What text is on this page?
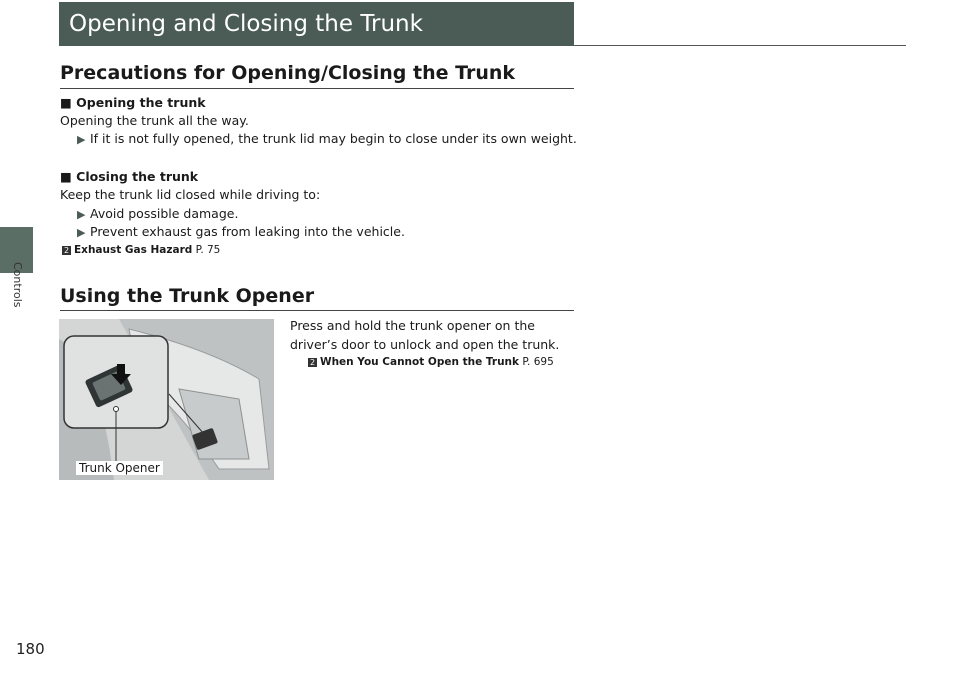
Controls
180
Opening and Closing the Trunk
Precautions for Opening/Closing the Trunk
■ Opening the trunk
Opening the trunk all the way.
▶ If it is not fully opened, the trunk lid may begin to close under its own weight.
■ Closing the trunk
Keep the trunk lid closed while driving to:
▶ Avoid possible damage.
▶ Prevent exhaust gas from leaking into the vehicle.
2 Exhaust Gas Hazard P. 75
Using the Trunk Opener
Press and hold the trunk opener on the
driver’s door to unlock and open the trunk.
2 When You Cannot Open the Trunk P. 695
Trunk Opener
